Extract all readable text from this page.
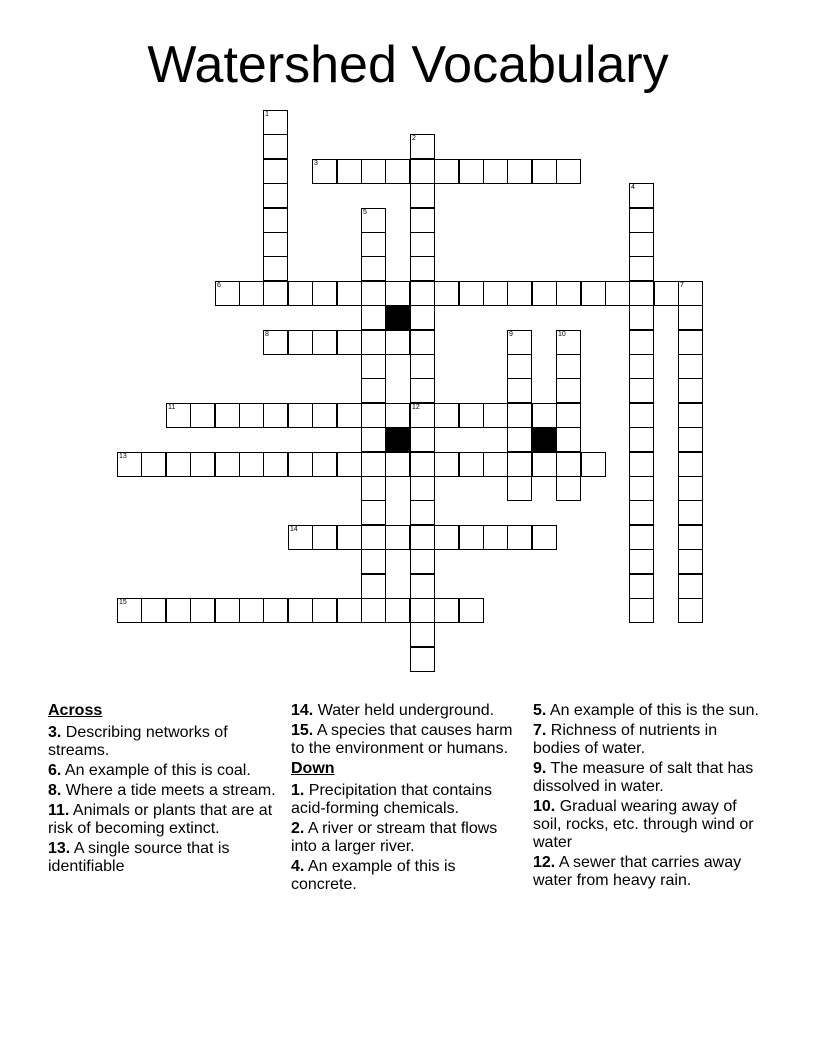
Watershed Vocabulary
3
6	7
8
11	12
13
14
15
1
2
4
5
9	10
Across
3. Describing networks of streams.
6. An example of this is coal.
8. Where a tide meets a stream.
11. Animals or plants that are at risk of becoming extinct.
13. A single source that is identifiable
14. Water held underground.
15. A species that causes harm to the environment or humans.
Down
1. Precipitation that contains acid-forming chemicals.
2. A river or stream that flows into a larger river.
4. An example of this is concrete.
5. An example of this is the sun.
7. Richness of nutrients in bodies of water.
9. The measure of salt that has dissolved in water.
10. Gradual wearing away of soil, rocks, etc. through wind or water
12. A sewer that carries away water from heavy rain.
